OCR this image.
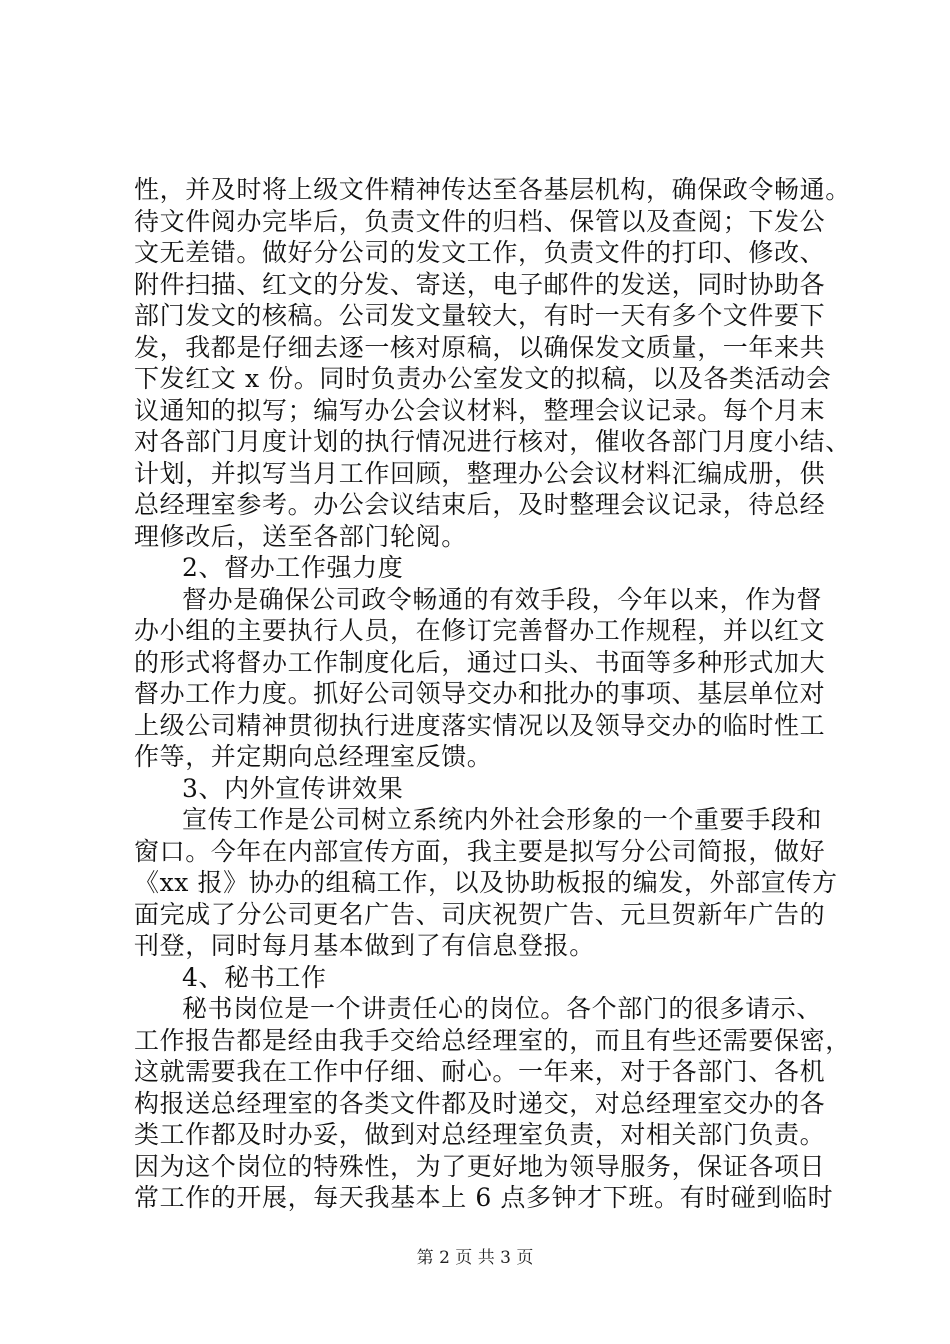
性，并及时将上级文件精神传达至各基层机构，确保政令畅通。
待文件阅办完毕后，负责文件的归档、保管以及查阅；下发公
文无差错。做好分公司的发文工作，负责文件的打印、修改、
附件扫描、红文的分发、寄送，电子邮件的发送，同时协助各
部门发文的核稿。公司发文量较大，有时一天有多个文件要下
发，我都是仔细去逐一核对原稿，以确保发文质量，一年来共
下发红文 x 份。同时负责办公室发文的拟稿，以及各类活动会
议通知的拟写；编写办公会议材料，整理会议记录。每个月末
对各部门月度计划的执行情况进行核对，催收各部门月度小结、
计划，并拟写当月工作回顾，整理办公会议材料汇编成册，供
总经理室参考。办公会议结束后，及时整理会议记录，待总经
理修改后，送至各部门轮阅。
2、督办工作强力度
督办是确保公司政令畅通的有效手段，今年以来，作为督
办小组的主要执行人员，在修订完善督办工作规程，并以红文
的形式将督办工作制度化后，通过口头、书面等多种形式加大
督办工作力度。抓好公司领导交办和批办的事项、基层单位对
上级公司精神贯彻执行进度落实情况以及领导交办的临时性工
作等，并定期向总经理室反馈。
3、内外宣传讲效果
宣传工作是公司树立系统内外社会形象的一个重要手段和
窗口。今年在内部宣传方面，我主要是拟写分公司简报，做好
《xx 报》协办的组稿工作，以及协助板报的编发，外部宣传方
面完成了分公司更名广告、司庆祝贺广告、元旦贺新年广告的
刊登，同时每月基本做到了有信息登报。
4、秘书工作
秘书岗位是一个讲责任心的岗位。各个部门的很多请示、
工作报告都是经由我手交给总经理室的，而且有些还需要保密，
这就需要我在工作中仔细、耐心。一年来，对于各部门、各机
构报送总经理室的各类文件都及时递交，对总经理室交办的各
类工作都及时办妥，做到对总经理室负责，对相关部门负责。
因为这个岗位的特殊性，为了更好地为领导服务，保证各项日
常工作的开展，每天我基本上 6 点多钟才下班。有时碰到临时
第 2 页 共 3 页
